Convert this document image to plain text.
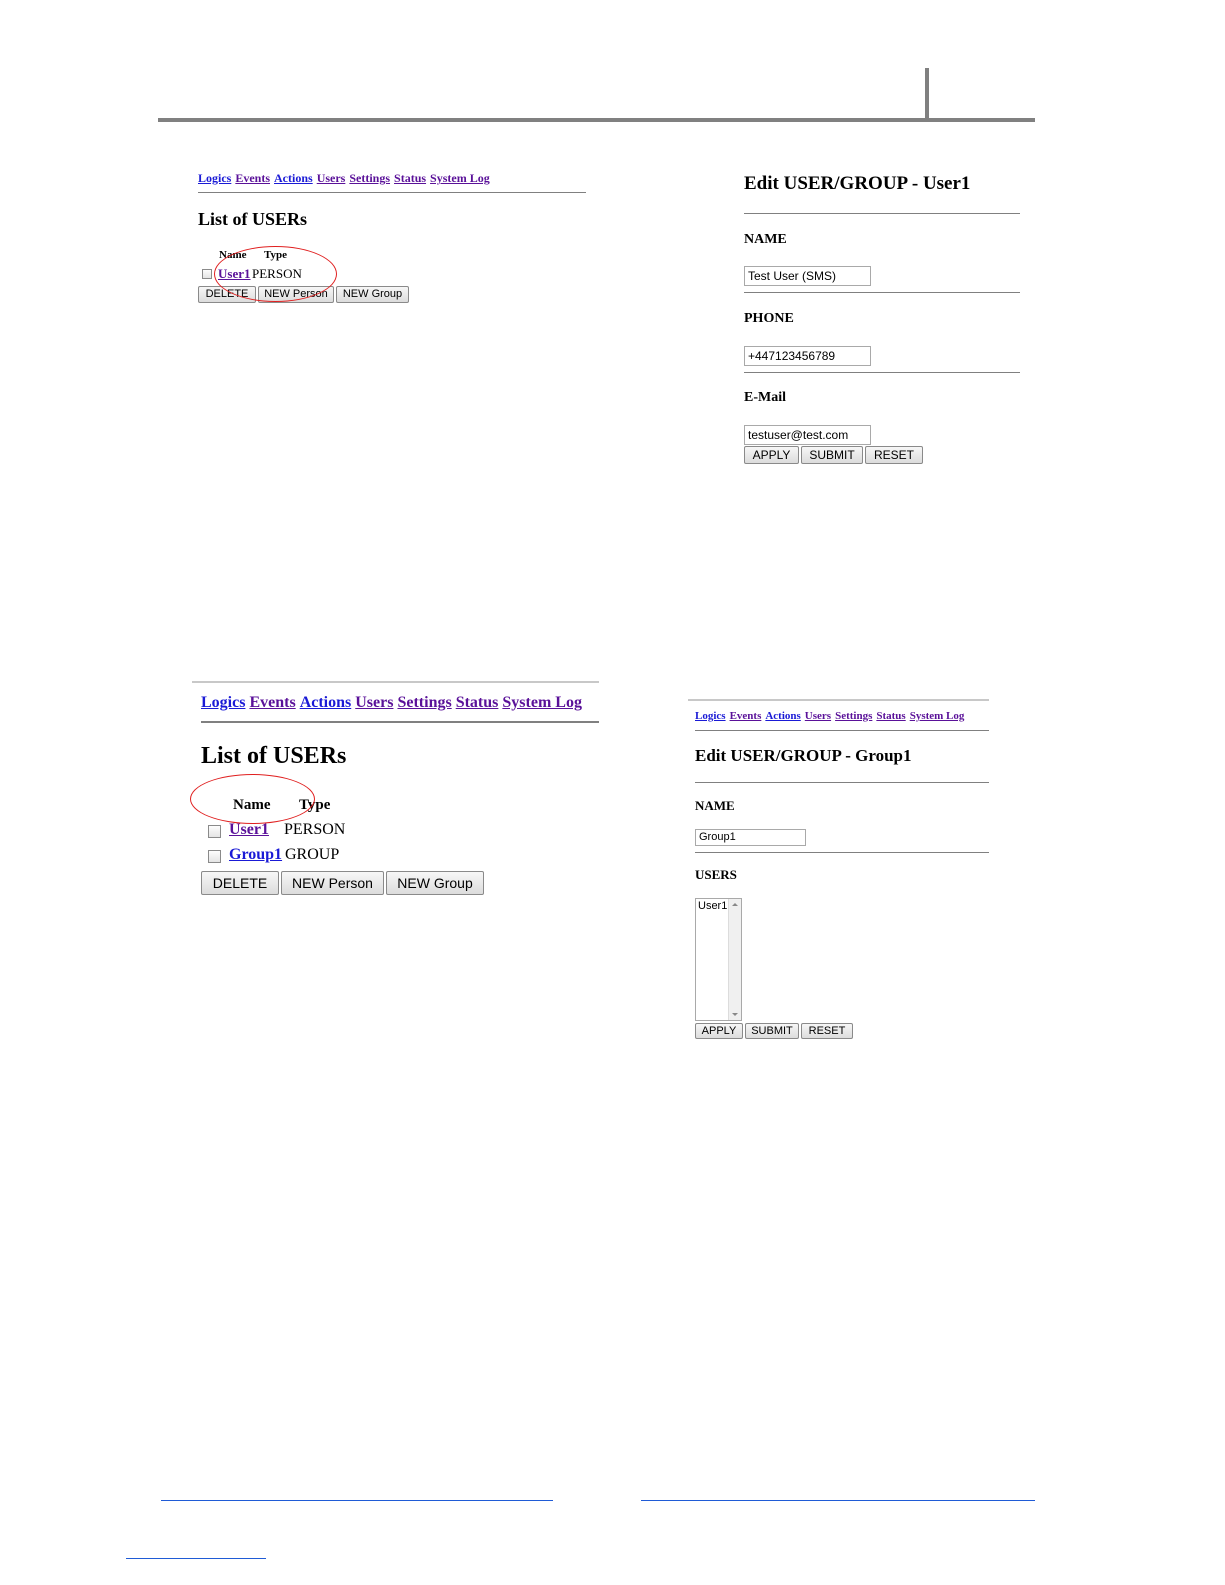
Logics Events Actions Users Settings Status System Log
List of USERs
Name Type
User1 PERSON
DELETE	NEW Person	NEW Group
Edit USER/GROUP - User1
NAME
Test User (SMS)
PHONE
+447123456789
E-Mail
testuser@test.com
APPLY	SUBMIT	RESET
Logics Events Actions Users Settings Status System Log
List of USERs
Name Type
User1 PERSON
Group1 GROUP
DELETE	NEW Person	NEW Group
Logics Events Actions Users Settings Status System Log
Edit USER/GROUP - Group1
NAME
Group1
USERS
User1
APPLY	SUBMIT	RESET
